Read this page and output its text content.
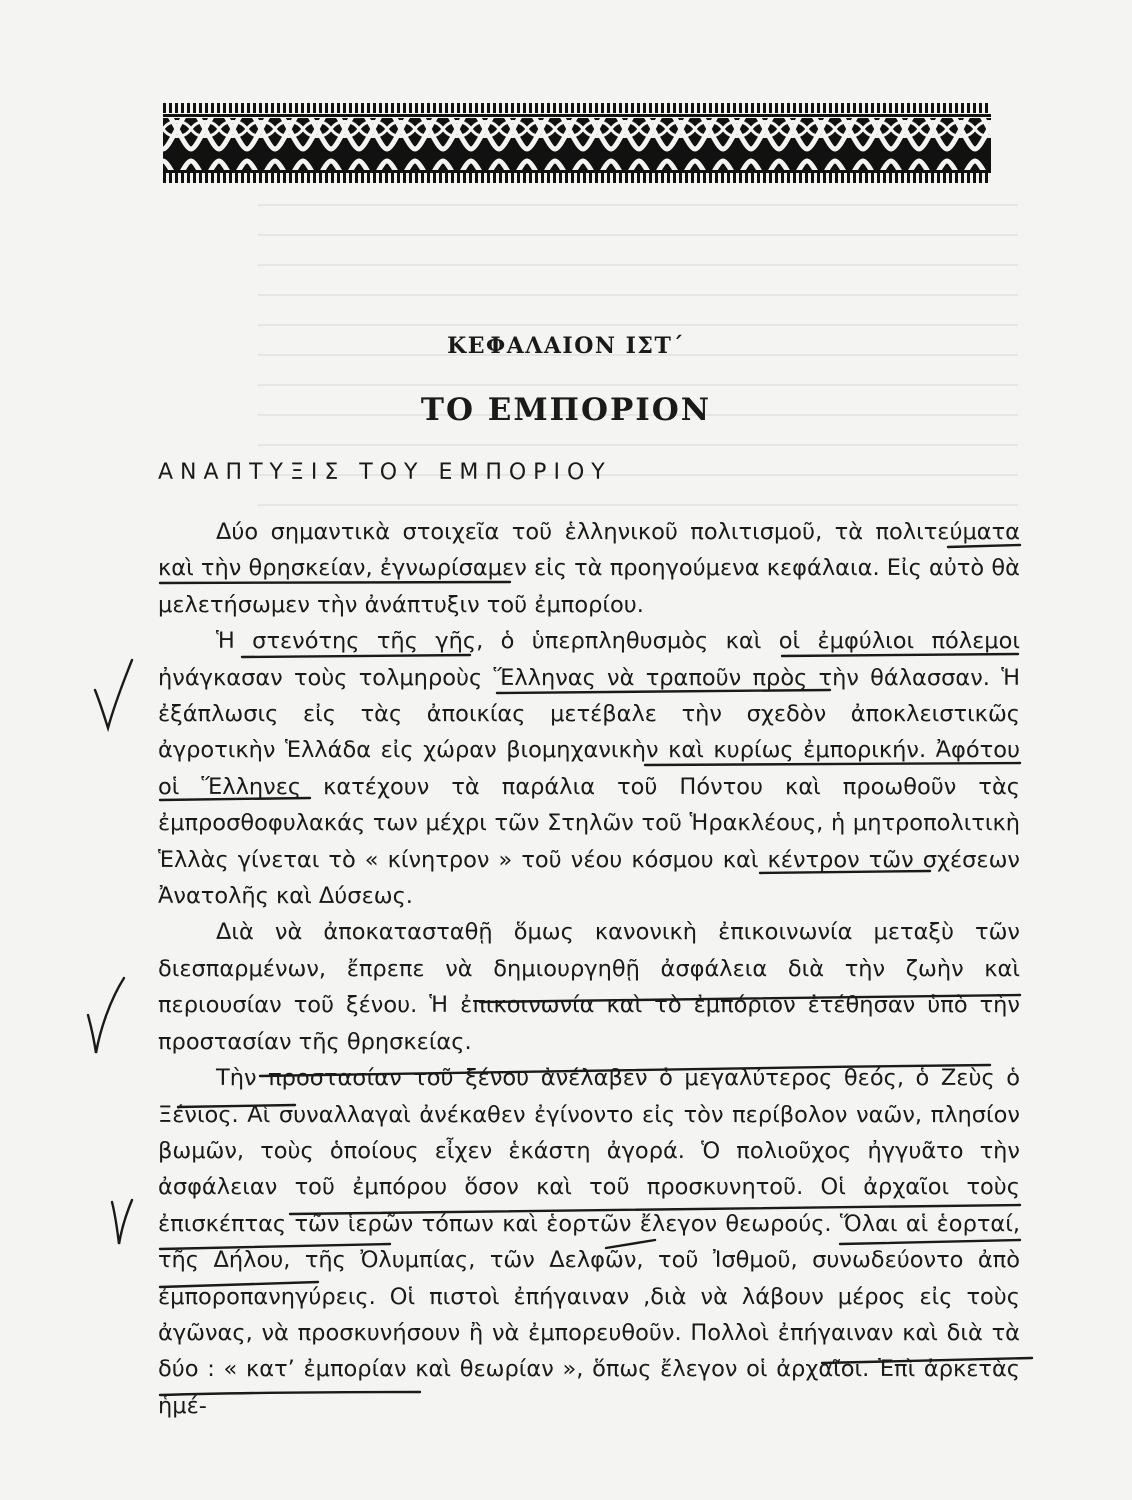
ΚΕΦΑΛΑΙΟΝ ΙΣΤ΄
ΤΟ ΕΜΠΟΡΙΟΝ
ΑΝΑΠΤΥΞΙΣ ΤΟΥ ΕΜΠΟΡΙΟΥ

Δύο σημαντικὰ στοιχεῖα τοῦ ἑλληνικοῦ πολιτισμοῦ, τὰ πολιτεύματα καὶ τὴν θρησκείαν, ἐγνωρίσαμεν εἰς τὰ προηγούμενα κεφάλαια. Εἰς αὐτὸ θὰ μελετήσωμεν τὴν ἀνάπτυξιν τοῦ ἐμπορίου.

Ἡ στενότης τῆς γῆς, ὁ ὑπερπληθυσμὸς καὶ οἱ ἐμφύλιοι πόλεμοι ἠνάγκασαν τοὺς τολμηροὺς Ἕλληνας νὰ τραποῦν πρὸς τὴν θάλασσαν. Ἡ ἐξάπλωσις εἰς τὰς ἀποικίας μετέβαλε τὴν σχεδὸν ἀποκλειστικῶς ἀγροτικὴν Ἑλλάδα εἰς χώραν βιομηχανικὴν καὶ κυρίως ἐμπορικήν. Ἀφότου οἱ Ἕλληνες κατέχουν τὰ παράλια τοῦ Πόντου καὶ προωθοῦν τὰς ἐμπροσθοφυλακάς των μέχρι τῶν Στηλῶν τοῦ Ἡρακλέους, ἡ μητροπολιτικὴ Ἑλλὰς γίνεται τὸ « κίνητρον » τοῦ νέου κόσμου καὶ κέντρον τῶν σχέσεων Ἀνατολῆς καὶ Δύσεως.

Διὰ νὰ ἀποκατασταθῇ ὅμως κανονικὴ ἐπικοινωνία μεταξὺ τῶν διεσπαρμένων, ἔπρεπε νὰ δημιουργηθῇ ἀσφάλεια διὰ τὴν ζωὴν καὶ περιουσίαν τοῦ ξένου. Ἡ ἐπικοινωνία καὶ τὸ ἐμπόριον ἐτέθησαν ὑπὸ τὴν προστασίαν τῆς θρησκείας.

Τὴν προστασίαν τοῦ ξένου ἀνέλαβεν ὁ μεγαλύτερος θεός, ὁ Ζεὺς ὁ Ξένιος. Αἱ συναλλαγαὶ ἀνέκαθεν ἐγίνοντο εἰς τὸν περίβολον ναῶν, πλησίον βωμῶν, τοὺς ὁποίους εἶχεν ἑκάστη ἀγορά. Ὁ πολιοῦχος ἠγγυᾶτο τὴν ἀσφάλειαν τοῦ ἐμπόρου ὅσον καὶ τοῦ προσκυνητοῦ. Οἱ ἀρχαῖοι τοὺς ἐπισκέπτας τῶν ἱερῶν τόπων καὶ ἑορτῶν ἔλεγον θεωρούς. Ὅλαι αἱ ἑορταί, τῆς Δήλου, τῆς Ὀλυμπίας, τῶν Δελφῶν, τοῦ Ἰσθμοῦ, συνωδεύοντο ἀπὸ ἐμποροπανηγύρεις. Οἱ πιστοὶ ἐπήγαιναν ,διὰ νὰ λάβουν μέρος εἰς τοὺς ἀγῶνας, νὰ προσκυνήσουν ἢ νὰ ἐμπορευθοῦν. Πολλοὶ ἐπήγαιναν καὶ διὰ τὰ δύο : « κατ’ ἐμπορίαν καὶ θεωρίαν », ὅπως ἔλεγον οἱ ἀρχαῖοι. Ἐπὶ ἀρκετὰς ἡμέ-
